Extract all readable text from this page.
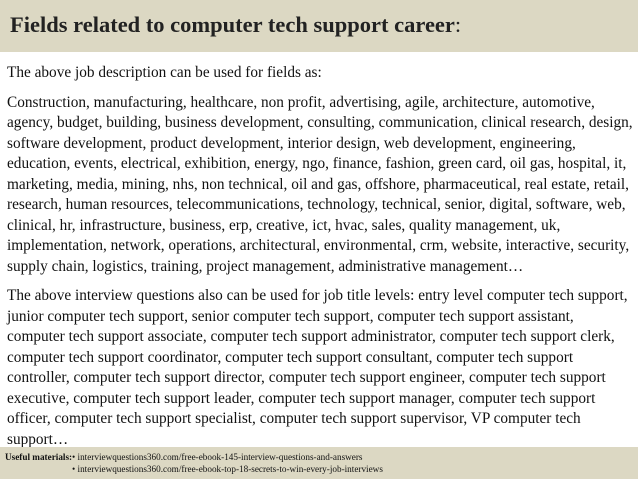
Fields related to computer tech support career:

The above job description can be used for fields as:

Construction, manufacturing, healthcare, non profit, advertising, agile, architecture, automotive, agency, budget, building, business development, consulting, communication, clinical research, design, software development, product development, interior design, web development, engineering, education, events, electrical, exhibition, energy, ngo, finance, fashion, green card, oil gas, hospital, it, marketing, media, mining, nhs, non technical, oil and gas, offshore, pharmaceutical, real estate, retail, research, human resources, telecommunications, technology, technical, senior, digital, software, web, clinical, hr, infrastructure, business, erp, creative, ict, hvac, sales, quality management, uk, implementation, network, operations, architectural, environmental, crm, website, interactive, security, supply chain, logistics, training, project management, administrative management…

The above interview questions also can be used for job title levels: entry level computer tech support, junior computer tech support, senior computer tech support, computer tech support assistant, computer tech support associate, computer tech support administrator, computer tech support clerk, computer tech support coordinator, computer tech support consultant, computer tech support controller, computer tech support director, computer tech support engineer, computer tech support executive, computer tech support leader, computer tech support manager, computer tech support officer, computer tech support specialist, computer tech support supervisor, VP computer tech support…

Useful materials:• interviewquestions360.com/free-ebook-145-interview-questions-and-answers
• interviewquestions360.com/free-ebook-top-18-secrets-to-win-every-job-interviews
